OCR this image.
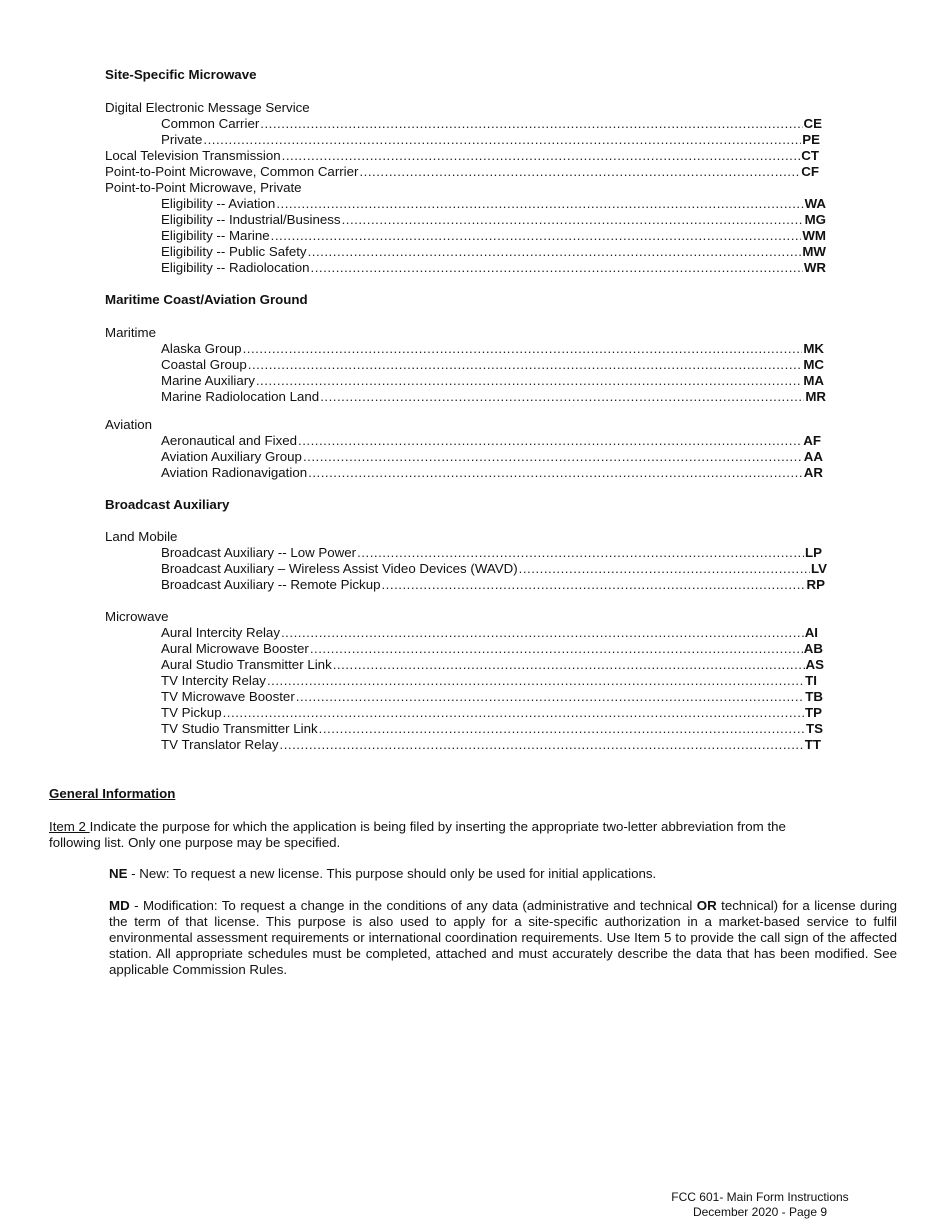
Site-Specific Microwave
Digital Electronic Message Service
Common Carrier .....	CE
Private .....	PE
Local Television Transmission .....	CT
Point-to-Point Microwave, Common Carrier .....	CF
Point-to-Point Microwave, Private
Eligibility -- Aviation .....	WA
Eligibility -- Industrial/Business .....	MG
Eligibility -- Marine .....	WM
Eligibility -- Public Safety .....	MW
Eligibility -- Radiolocation .....	WR
Maritime Coast/Aviation Ground
Maritime
Alaska Group .....	MK
Coastal Group .....	MC
Marine Auxiliary .....	MA
Marine Radiolocation Land .....	MR
Aviation
Aeronautical and Fixed .....	AF
Aviation Auxiliary Group .....	AA
Aviation Radionavigation .....	AR
Broadcast Auxiliary
Land Mobile
Broadcast Auxiliary -- Low Power .....	LP
Broadcast Auxiliary – Wireless Assist Video Devices (WAVD) .....	LV
Broadcast Auxiliary -- Remote Pickup .....	RP
Microwave
Aural Intercity Relay .....	AI
Aural Microwave Booster .....	AB
Aural Studio Transmitter Link .....	AS
TV Intercity Relay .....	TI
TV Microwave Booster .....	TB
TV Pickup .....	TP
TV Studio Transmitter Link .....	TS
TV Translator Relay .....	TT
General Information
Item 2 Indicate the purpose for which the application is being filed by inserting the appropriate two-letter abbreviation from the following list. Only one purpose may be specified.
NE - New: To request a new license. This purpose should only be used for initial applications.
MD - Modification: To request a change in the conditions of any data (administrative and technical OR technical) for a license during the term of that license. This purpose is also used to apply for a site-specific authorization in a market-based service to fulfil environmental assessment requirements or international coordination requirements. Use Item 5 to provide the call sign of the affected station. All appropriate schedules must be completed, attached and must accurately describe the data that has been modified. See applicable Commission Rules.
FCC 601- Main Form Instructions
December 2020 - Page 9
